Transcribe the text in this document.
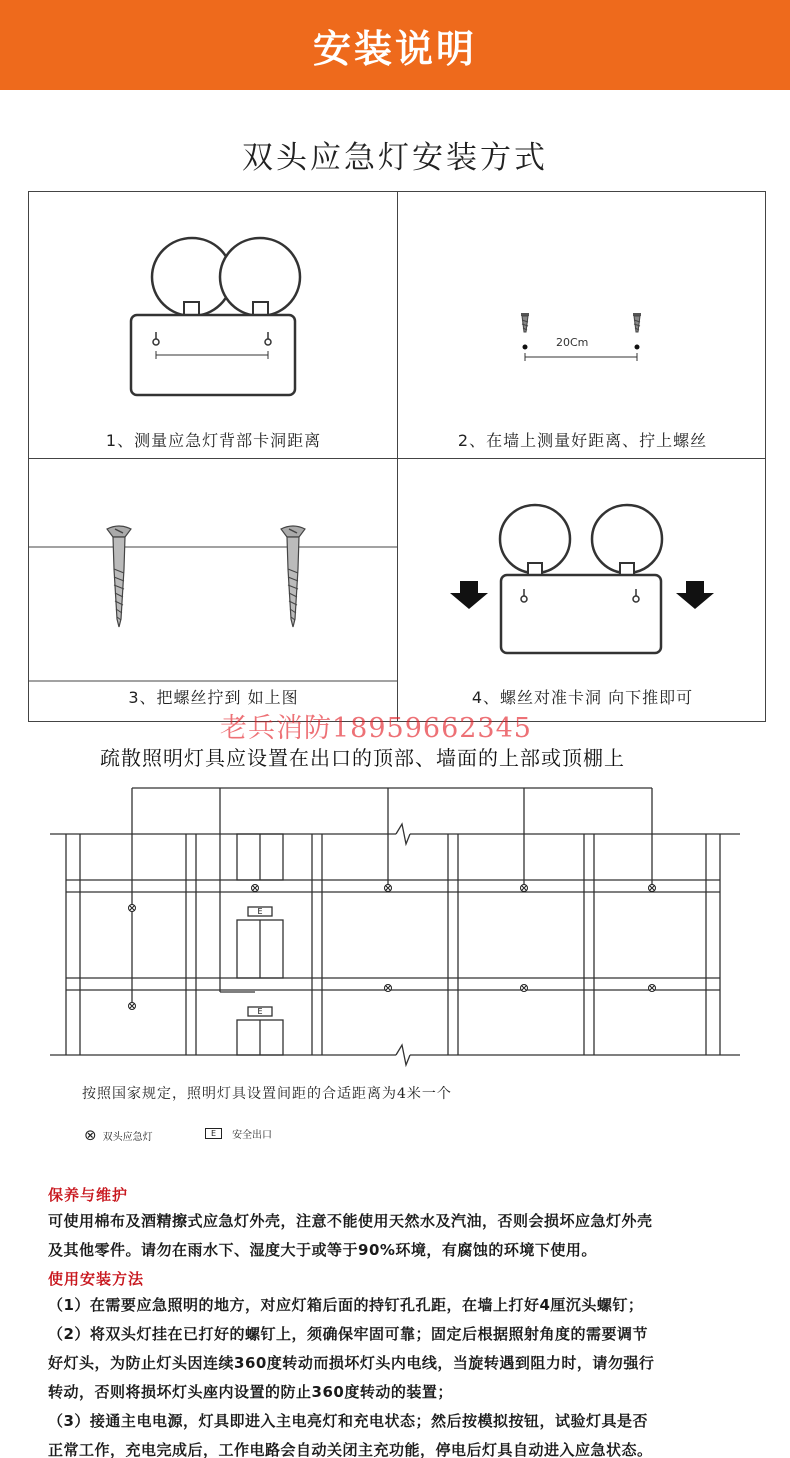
安装说明
双头应急灯安装方式
1、测量应急灯背部卡洞距离
20Cm
2、在墙上测量好距离、拧上螺丝
3、把螺丝拧到 如上图	4、螺丝对准卡洞 向下推即可
老兵消防18959662345
疏散照明灯具应设置在出口的顶部、墙面的上部或顶棚上
E
E
按照国家规定，照明灯具设置间距的合适距离为4米一个
⊗ 双头应急灯	E	安全出口
保养与维护

可使用棉布及酒精擦式应急灯外壳，注意不能使用天然水及汽油，否则会损坏应急灯外壳

及其他零件。请勿在雨水下、湿度大于或等于90%环境，有腐蚀的环境下使用。

使用安装方法

（1）在需要应急照明的地方，对应灯箱后面的持钉孔孔距，在墙上打好4厘沉头螺钉；

（2）将双头灯挂在已打好的螺钉上，须确保牢固可靠；固定后根据照射角度的需要调节

好灯头，为防止灯头因连续360度转动而损坏灯头内电线，当旋转遇到阻力时，请勿强行

转动，否则将损坏灯头座内设置的防止360度转动的装置；

（3）接通主电电源，灯具即进入主电亮灯和充电状态；然后按模拟按钮，试验灯具是否

正常工作，充电完成后，工作电路会自动关闭主充功能，停电后灯具自动进入应急状态。
